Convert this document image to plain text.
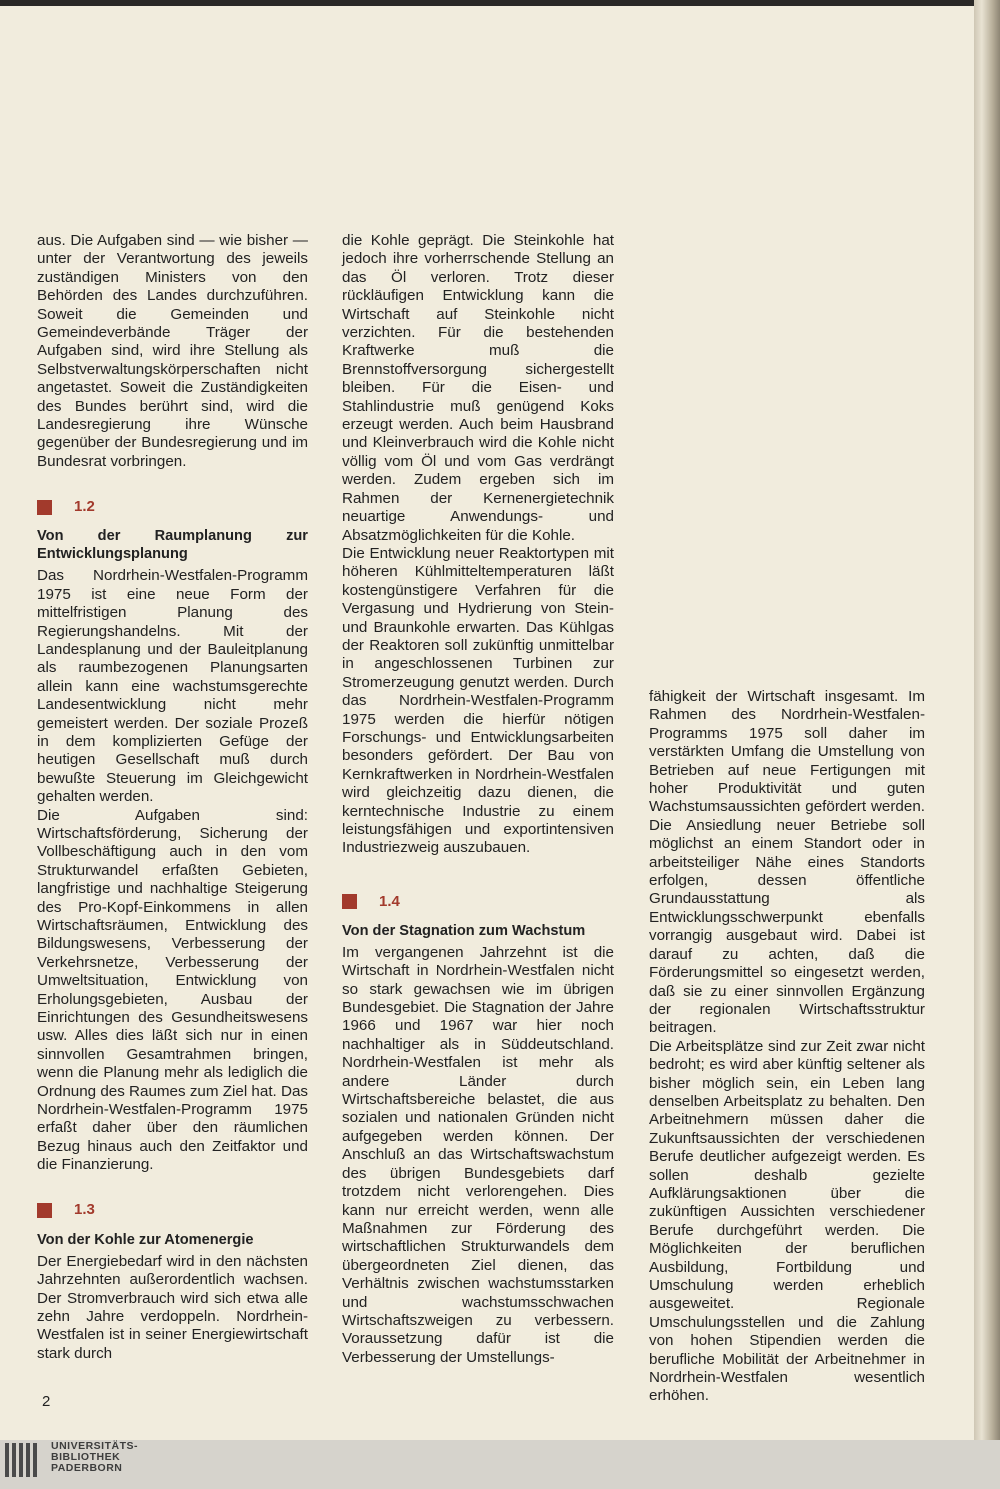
aus. Die Aufgaben sind — wie bisher — unter der Verantwortung des jeweils zuständigen Ministers von den Behörden des Landes durchzuführen. Soweit die Gemeinden und Gemeindeverbände Träger der Aufgaben sind, wird ihre Stellung als Selbstverwaltungskörperschaften nicht angetastet. Soweit die Zuständigkeiten des Bundes berührt sind, wird die Landesregierung ihre Wünsche gegenüber der Bundesregierung und im Bundesrat vorbringen.

1.2
Von der Raumplanung zur Entwicklungsplanung

Das Nordrhein-Westfalen-Programm 1975 ist eine neue Form der mittelfristigen Planung des Regierungshandelns. Mit der Landesplanung und der Bauleitplanung als raumbezogenen Planungsarten allein kann eine wachstumsgerechte Landesentwicklung nicht mehr gemeistert werden. Der soziale Prozeß in dem komplizierten Gefüge der heutigen Gesellschaft muß durch bewußte Steuerung im Gleichgewicht gehalten werden.

Die Aufgaben sind: Wirtschaftsförderung, Sicherung der Vollbeschäftigung auch in den vom Strukturwandel erfaßten Gebieten, langfristige und nachhaltige Steigerung des Pro-Kopf-Einkommens in allen Wirtschaftsräumen, Entwicklung des Bildungswesens, Verbesserung der Verkehrsnetze, Verbesserung der Umweltsituation, Entwicklung von Erholungsgebieten, Ausbau der Einrichtungen des Gesundheitswesens usw. Alles dies läßt sich nur in einen sinnvollen Gesamtrahmen bringen, wenn die Planung mehr als lediglich die Ordnung des Raumes zum Ziel hat. Das Nordrhein-Westfalen-Programm 1975 erfaßt daher über den räumlichen Bezug hinaus auch den Zeitfaktor und die Finanzierung.

1.3
Von der Kohle zur Atomenergie

Der Energiebedarf wird in den nächsten Jahrzehnten außerordentlich wachsen. Der Stromverbrauch wird sich etwa alle zehn Jahre verdoppeln. Nordrhein-Westfalen ist in seiner Energiewirtschaft stark durch

die Kohle geprägt. Die Steinkohle hat jedoch ihre vorherrschende Stellung an das Öl verloren. Trotz dieser rückläufigen Entwicklung kann die Wirtschaft auf Steinkohle nicht verzichten. Für die bestehenden Kraftwerke muß die Brennstoffversorgung sichergestellt bleiben. Für die Eisen- und Stahlindustrie muß genügend Koks erzeugt werden. Auch beim Hausbrand und Kleinverbrauch wird die Kohle nicht völlig vom Öl und vom Gas verdrängt werden. Zudem ergeben sich im Rahmen der Kernenergietechnik neuartige Anwendungs- und Absatzmöglichkeiten für die Kohle.

Die Entwicklung neuer Reaktortypen mit höheren Kühlmitteltemperaturen läßt kostengünstigere Verfahren für die Vergasung und Hydrierung von Stein- und Braunkohle erwarten. Das Kühlgas der Reaktoren soll zukünftig unmittelbar in angeschlossenen Turbinen zur Stromerzeugung genutzt werden. Durch das Nordrhein-Westfalen-Programm 1975 werden die hierfür nötigen Forschungs- und Entwicklungsarbeiten besonders gefördert. Der Bau von Kernkraftwerken in Nordrhein-Westfalen wird gleichzeitig dazu dienen, die kerntechnische Industrie zu einem leistungsfähigen und exportintensiven Industriezweig auszubauen.

1.4
Von der Stagnation zum Wachstum

Im vergangenen Jahrzehnt ist die Wirtschaft in Nordrhein-Westfalen nicht so stark gewachsen wie im übrigen Bundesgebiet. Die Stagnation der Jahre 1966 und 1967 war hier noch nachhaltiger als in Süddeutschland. Nordrhein-Westfalen ist mehr als andere Länder durch Wirtschaftsbereiche belastet, die aus sozialen und nationalen Gründen nicht aufgegeben werden können. Der Anschluß an das Wirtschaftswachstum des übrigen Bundesgebiets darf trotzdem nicht verlorengehen. Dies kann nur erreicht werden, wenn alle Maßnahmen zur Förderung des wirtschaftlichen Strukturwandels dem übergeordneten Ziel dienen, das Verhältnis zwischen wachstumsstarken und wachstumsschwachen Wirtschaftszweigen zu verbessern. Voraussetzung dafür ist die Verbesserung der Umstellungs-

fähigkeit der Wirtschaft insgesamt. Im Rahmen des Nordrhein-Westfalen-Programms 1975 soll daher im verstärkten Umfang die Umstellung von Betrieben auf neue Fertigungen mit hoher Produktivität und guten Wachstumsaussichten gefördert werden. Die Ansiedlung neuer Betriebe soll möglichst an einem Standort oder in arbeitsteiliger Nähe eines Standorts erfolgen, dessen öffentliche Grundausstattung als Entwicklungsschwerpunkt ebenfalls vorrangig ausgebaut wird. Dabei ist darauf zu achten, daß die Förderungsmittel so eingesetzt werden, daß sie zu einer sinnvollen Ergänzung der regionalen Wirtschaftsstruktur beitragen.

Die Arbeitsplätze sind zur Zeit zwar nicht bedroht; es wird aber künftig seltener als bisher möglich sein, ein Leben lang denselben Arbeitsplatz zu behalten. Den Arbeitnehmern müssen daher die Zukunftsaussichten der verschiedenen Berufe deutlicher aufgezeigt werden. Es sollen deshalb gezielte Aufklärungsaktionen über die zukünftigen Aussichten verschiedener Berufe durchgeführt werden. Die Möglichkeiten der beruflichen Ausbildung, Fortbildung und Umschulung werden erheblich ausgeweitet. Regionale Umschulungsstellen und die Zahlung von hohen Stipendien werden die berufliche Mobilität der Arbeitnehmer in Nordrhein-Westfalen wesentlich erhöhen.

2
UNIVERSITÄTS-
BIBLIOTHEK
PADERBORN
